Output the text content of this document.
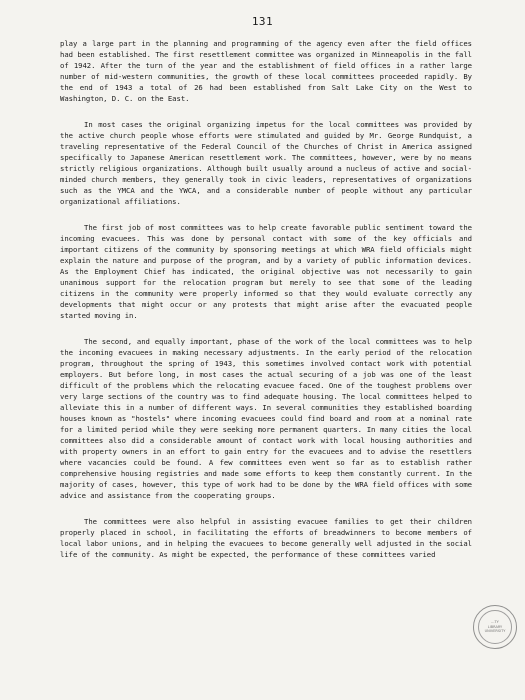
131

play a large part in the planning and programming of the agency even after the field offices had been established. The first resettlement committee was organized in Minneapolis in the fall of 1942. After the turn of the year and the establishment of field offices in a rather large number of mid-western communities, the growth of these local committees proceeded rapidly. By the end of 1943 a total of 26 had been established from Salt Lake City on the West to Washington, D. C. on the East.

In most cases the original organizing impetus for the local committees was provided by the active church people whose efforts were stimulated and guided by Mr. George Rundquist, a traveling representative of the Federal Council of the Churches of Christ in America assigned specifically to Japanese American resettlement work. The committees, however, were by no means strictly religious organizations. Although built usually around a nucleus of active and social-minded church members, they generally took in civic leaders, representatives of organizations such as the YMCA and the YWCA, and a considerable number of people without any particular organizational affiliations.

The first job of most committees was to help create favorable public sentiment toward the incoming evacuees. This was done by personal contact with some of the key officials and important citizens of the community by sponsoring meetings at which WRA field officials might explain the nature and purpose of the program, and by a variety of public information devices. As the Employment Chief has indicated, the original objective was not necessarily to gain unanimous support for the relocation program but merely to see that some of the leading citizens in the community were properly informed so that they would evaluate correctly any developments that might occur or any protests that might arise after the evacuated people started moving in.

The second, and equally important, phase of the work of the local committees was to help the incoming evacuees in making necessary adjustments. In the early period of the relocation program, throughout the spring of 1943, this sometimes involved contact work with potential employers. But before long, in most cases the actual securing of a job was one of the least difficult of the problems which the relocating evacuee faced. One of the toughest problems over very large sections of the country was to find adequate housing. The local committees helped to alleviate this in a number of different ways. In several communities they established boarding houses known as "hostels" where incoming evacuees could find board and room at a nominal rate for a limited period while they were seeking more permanent quarters. In many cities the local committees also did a considerable amount of contact work with local housing authorities and with property owners in an effort to gain entry for the evacuees and to advise the resettlers where vacancies could be found. A few committees even went so far as to establish rather comprehensive housing registries and made some efforts to keep them constantly current. In the majority of cases, however, this type of work had to be done by the WRA field offices with some advice and assistance from the cooperating groups.

The committees were also helpful in assisting evacuee families to get their children properly placed in school, in facilitating the efforts of breadwinners to become members of local labor unions, and in helping the evacuees to become generally well adjusted in the social life of the community. As might be expected, the performance of these committees varied

...TY
LIBRARY
UNIVERSITY
